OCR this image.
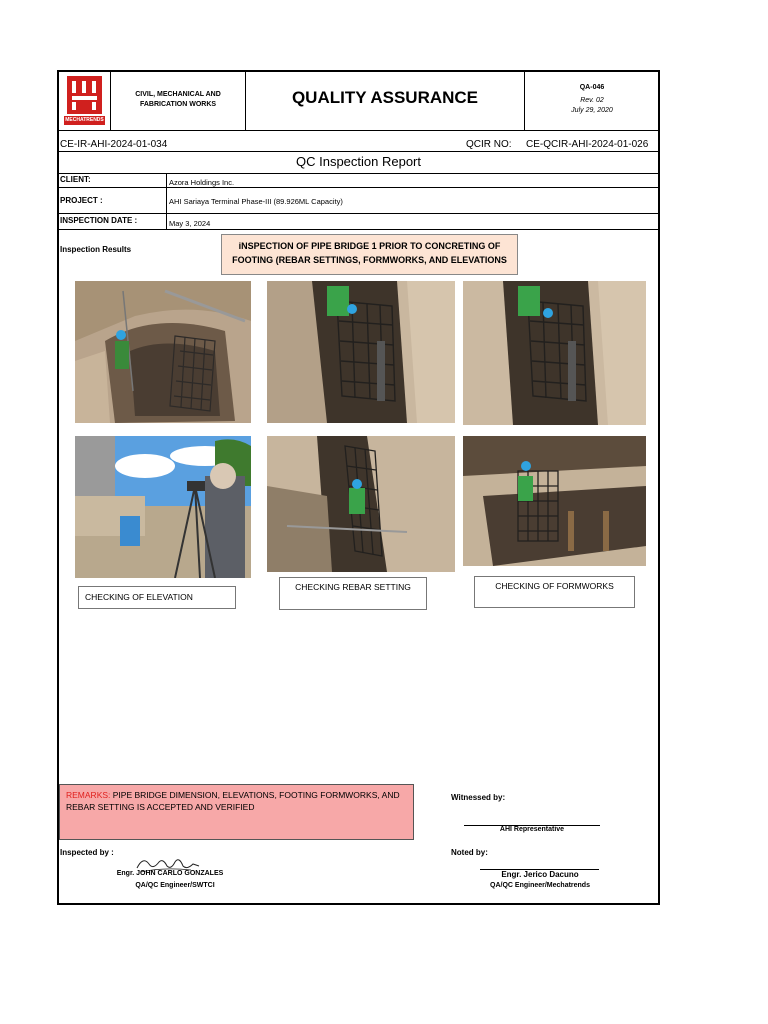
MECHATRENDS
CIVIL, MECHANICAL AND FABRICATION WORKS	QUALITY ASSURANCE
QA-046
Rev. 02
July 29, 2020
CE-IR-AHI-2024-01-034	QCIR NO: CE-QCIR-AHI-2024-01-026
QC Inspection Report
CLIENT:	Azora Holdings Inc.
PROJECT :	AHI Sariaya Terminal Phase-III (89.926ML Capacity)
INSPECTION DATE :	May 3, 2024
Inspection Results	iNSPECTION OF PIPE BRIDGE 1 PRIOR TO CONCRETING OF
FOOTING (REBAR SETTINGS, FORMWORKS, AND ELEVATIONS
CHECKING OF ELEVATION
CHECKING REBAR SETTING	CHECKING OF FORMWORKS
REMARKS: PIPE BRIDGE DIMENSION, ELEVATIONS, FOOTING FORMWORKS, AND
REBAR SETTING IS ACCEPTED AND VERIFIED
Witnessed by:
AHI Representative
Inspected by :
Engr. JOHN CARLO GONZALES
QA/QC Engineer/SWTCI
Noted by:
Engr. Jerico Dacuno
QA/QC Engineer/Mechatrends
